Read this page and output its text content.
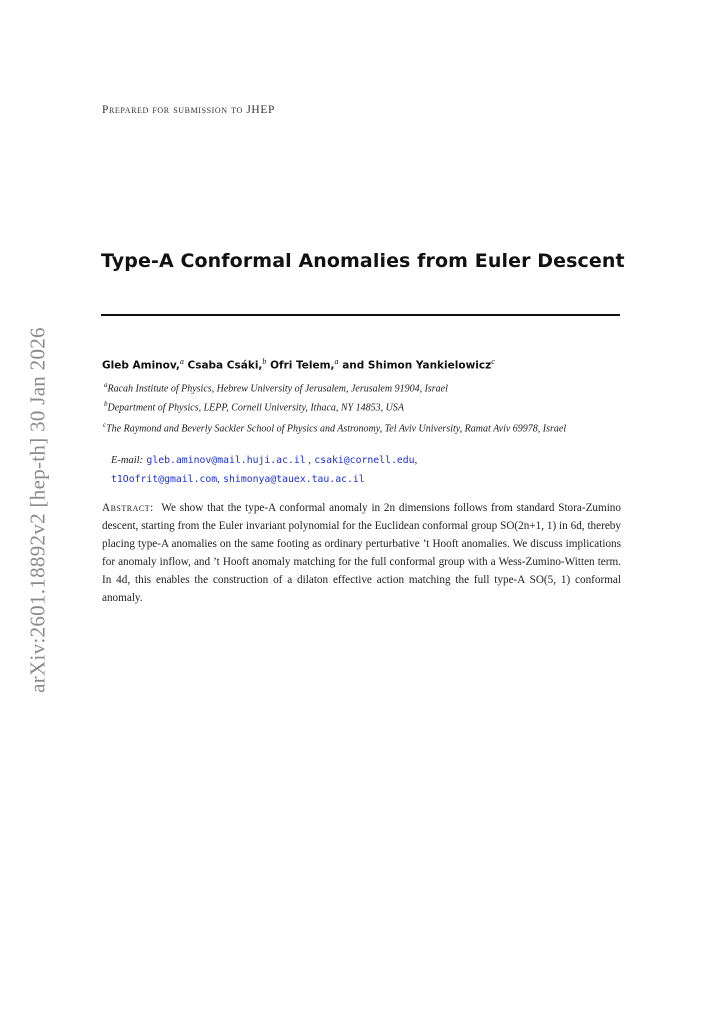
arXiv:2601.18892v2 [hep-th] 30 Jan 2026
Prepared for submission to JHEP
Type-A Conformal Anomalies from Euler Descent
Gleb Aminov,$^a$ Csaba Csáki,$^b$ Ofri Telem,$^a$ and Shimon Yankielowicz$^c$
$^a$Racah Institute of Physics, Hebrew University of Jerusalem, Jerusalem 91904, Israel
$^b$Department of Physics, LEPP, Cornell University, Ithaca, NY 14853, USA
$^c$The Raymond and Beverly Sackler School of Physics and Astronomy, Tel Aviv University, Ramat Aviv 69978, Israel
E-mail: gleb.aminov@mail.huji.ac.il , csaki@cornell.edu,
t1Oofrit@gmail.com, shimonya@tauex.tau.ac.il
Abstract: We show that the type-A conformal anomaly in 2n dimensions follows from standard Stora-Zumino descent, starting from the Euler invariant polynomial for the Euclidean conformal group SO(2n+1, 1) in 6d, thereby placing type-A anomalies on the same footing as ordinary perturbative ’t Hooft anomalies. We discuss implications for anomaly inflow, and ’t Hooft anomaly matching for the full conformal group with a Wess-Zumino-Witten term. In 4d, this enables the construction of a dilaton effective action matching the full type-A SO(5, 1) conformal anomaly.
